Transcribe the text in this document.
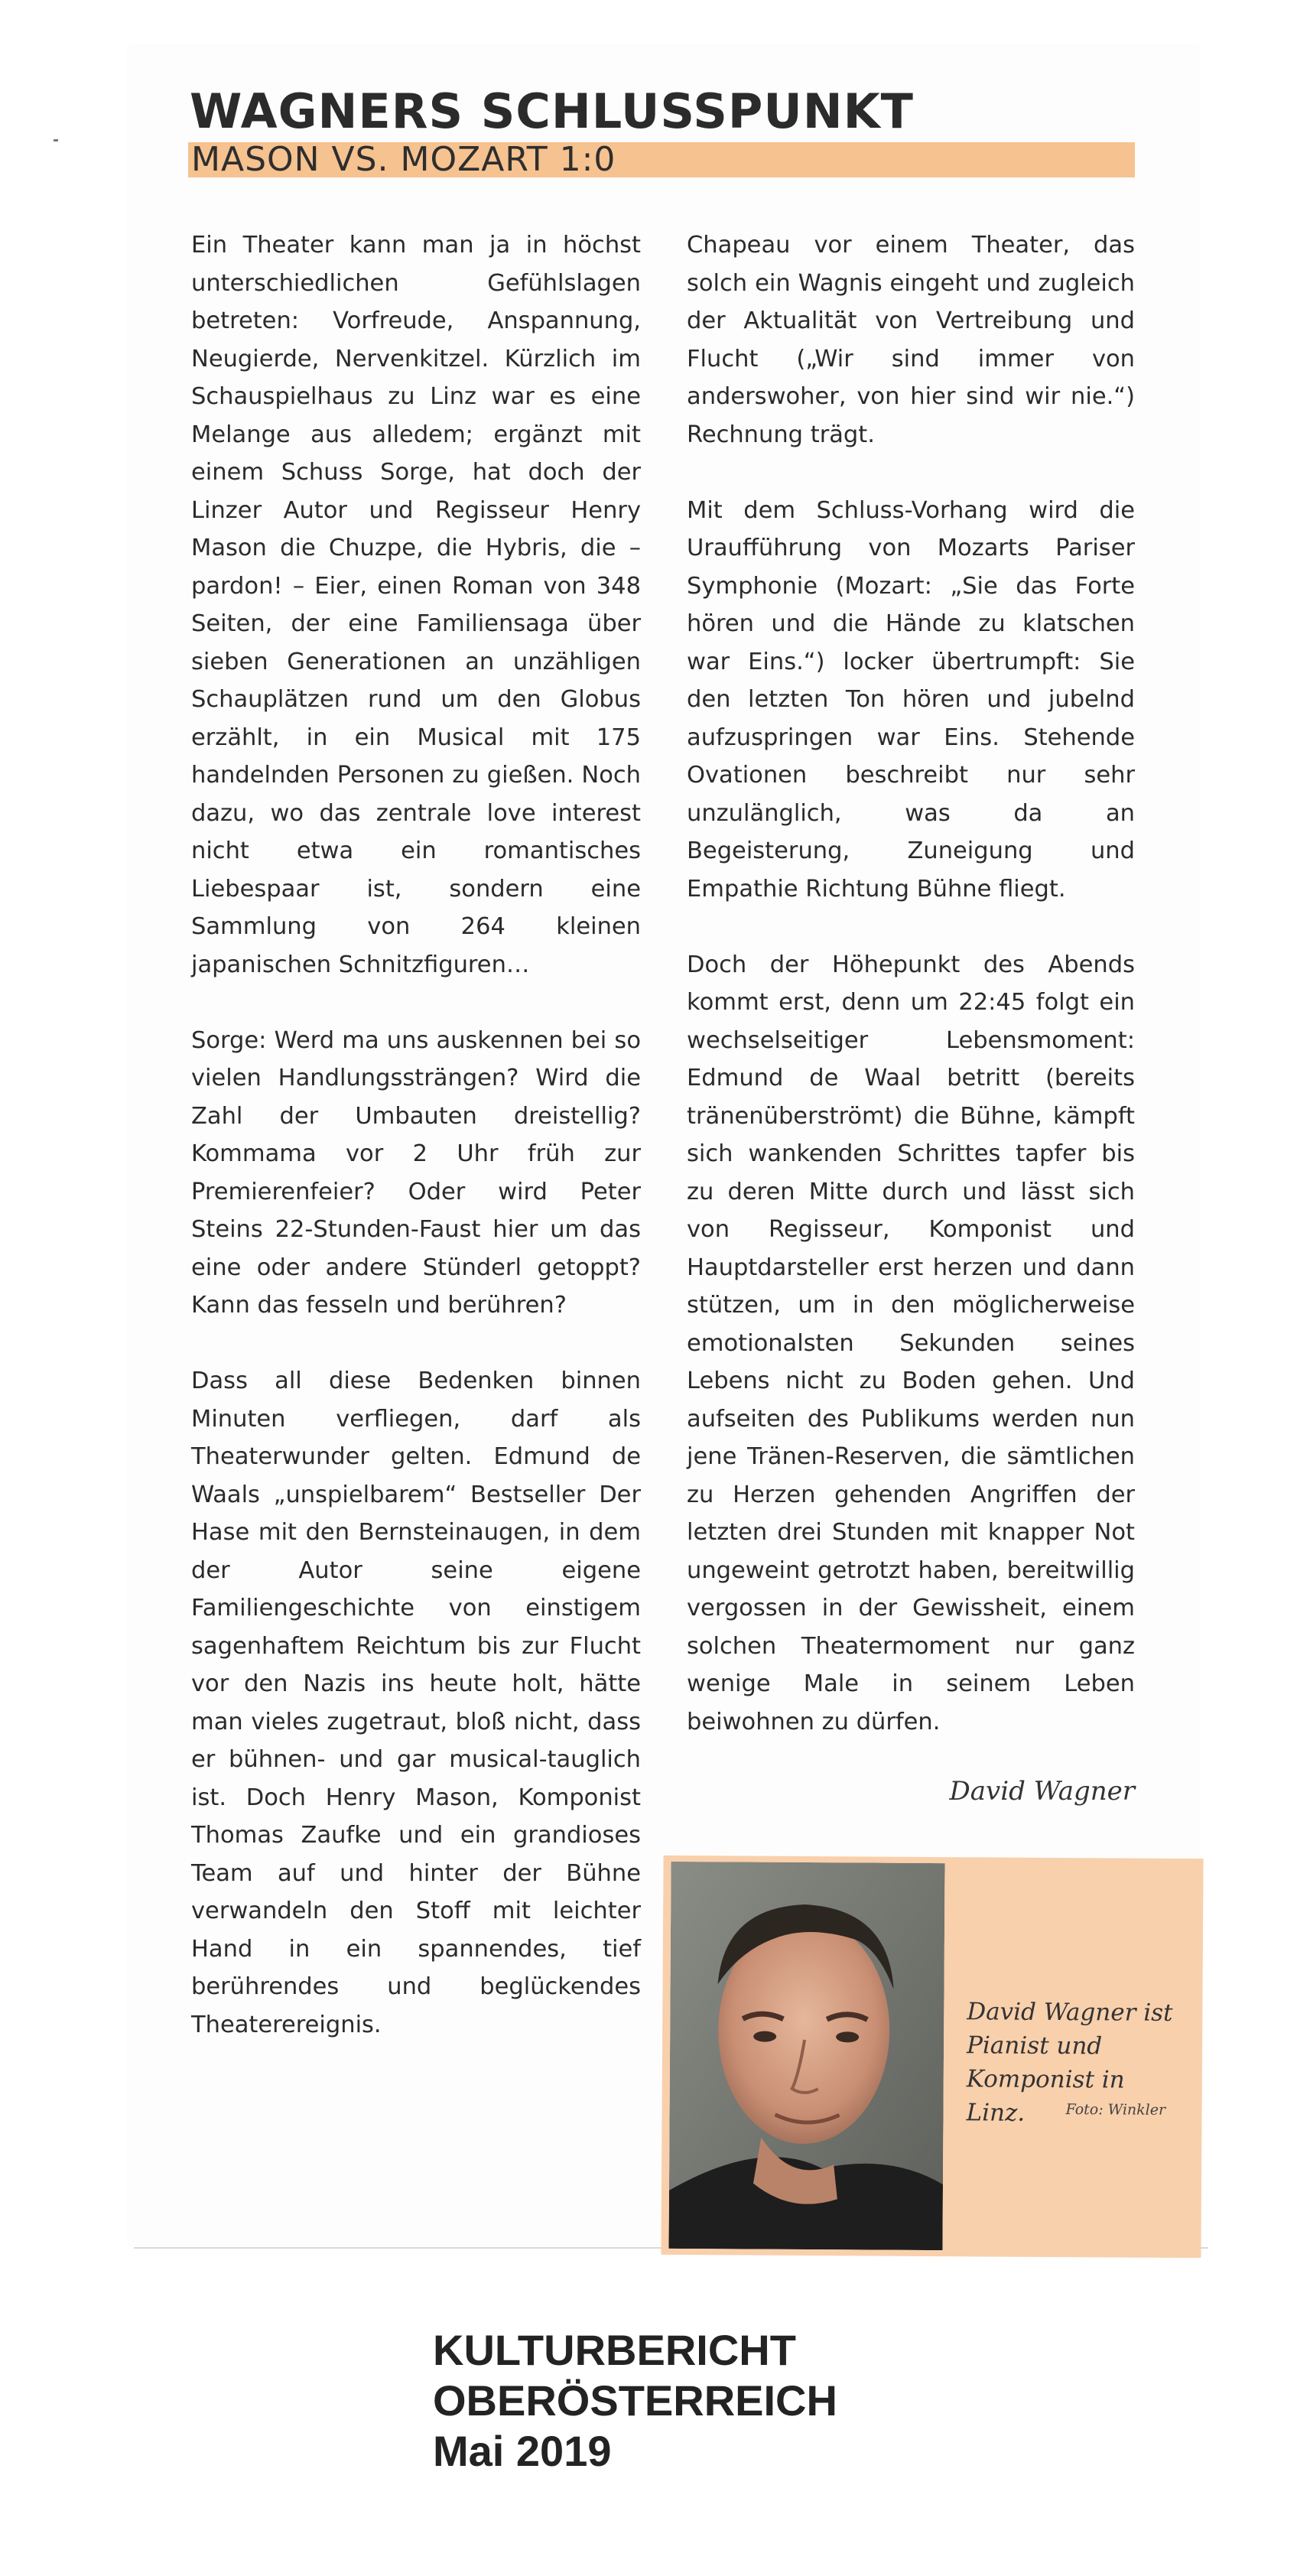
WAGNERS SCHLUSSPUNKT
MASON VS. MOZART 1:0

Ein Theater kann man ja in höchst unterschiedlichen Gefühlslagen betreten: Vorfreude, Anspannung, Neugierde, Nervenkitzel. Kürzlich im Schauspielhaus zu Linz war es eine Melange aus alledem; ergänzt mit einem Schuss Sorge, hat doch der Linzer Autor und Regisseur Henry Mason die Chuzpe, die Hybris, die – pardon! – Eier, einen Roman von 348 Seiten, der eine Familiensaga über sieben Generationen an unzähligen Schauplätzen rund um den Globus erzählt, in ein Musical mit 175 handelnden Personen zu gießen. Noch dazu, wo das zentrale love interest nicht etwa ein romantisches Liebespaar ist, sondern eine Sammlung von 264 kleinen japanischen Schnitzfiguren…

Sorge: Werd ma uns auskennen bei so vielen Handlungssträngen? Wird die Zahl der Umbauten dreistellig? Kommama vor 2 Uhr früh zur Premierenfeier? Oder wird Peter Steins 22-Stunden-Faust hier um das eine oder andere Stünderl getoppt? Kann das fesseln und berühren?

Dass all diese Bedenken binnen Minuten verfliegen, darf als Theaterwunder gelten. Edmund de Waals „unspielbarem“ Bestseller Der Hase mit den Bernsteinaugen, in dem der Autor seine eigene Familiengeschichte von einstigem sagenhaftem Reichtum bis zur Flucht vor den Nazis ins heute holt, hätte man vieles zugetraut, bloß nicht, dass er bühnen- und gar musical-tauglich ist. Doch Henry Mason, Komponist Thomas Zaufke und ein grandioses Team auf und hinter der Bühne verwandeln den Stoff mit leichter Hand in ein spannendes, tief berührendes und beglückendes Theaterereignis.

Chapeau vor einem Theater, das solch ein Wagnis eingeht und zugleich der Aktualität von Vertreibung und Flucht („Wir sind immer von anderswoher, von hier sind wir nie.“) Rechnung trägt.

Mit dem Schluss-Vorhang wird die Uraufführung von Mozarts Pariser Symphonie (Mozart: „Sie das Forte hören und die Hände zu klatschen war Eins.“) locker übertrumpft: Sie den letzten Ton hören und jubelnd aufzuspringen war Eins. Stehende Ovationen beschreibt nur sehr unzulänglich, was da an Begeisterung, Zuneigung und Empathie Richtung Bühne fliegt.

Doch der Höhepunkt des Abends kommt erst, denn um 22:45 folgt ein wechselseitiger Lebensmoment: Edmund de Waal betritt (bereits tränenüberströmt) die Bühne, kämpft sich wankenden Schrittes tapfer bis zu deren Mitte durch und lässt sich von Regisseur, Komponist und Hauptdarsteller erst herzen und dann stützen, um in den möglicherweise emotionalsten Sekunden seines Lebens nicht zu Boden gehen. Und aufseiten des Publikums werden nun jene Tränen-Reserven, die sämtlichen zu Herzen gehenden Angriffen der letzten drei Stunden mit knapper Not ungeweint getrotzt haben, bereitwillig vergossen in der Gewissheit, einem solchen Theatermoment nur ganz wenige Male in seinem Leben beiwohnen zu dürfen.

David Wagner
David Wagner ist Pianist und Komponist in Linz.	Foto: Winkler
KULTURBERICHT
OBERÖSTERREICH
Mai 2019
